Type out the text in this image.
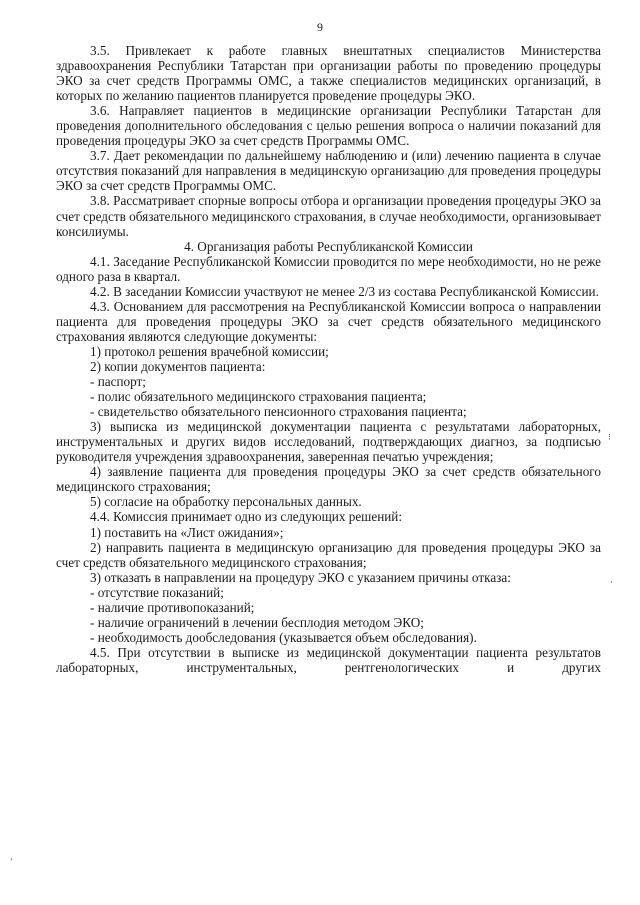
9

3.5. Привлекает к работе главных внештатных специалистов Министерства здравоохранения Республики Татарстан при организации работы по проведению процедуры ЭКО за счет средств Программы ОМС, а также специалистов медицинских организаций, в которых по желанию пациентов планируется проведение процедуры ЭКО.

3.6. Направляет пациентов в медицинские организации Республики Татарстан для проведения дополнительного обследования с целью решения вопроса о наличии показаний для проведения процедуры ЭКО за счет средств Программы ОМС.

3.7. Дает рекомендации по дальнейшему наблюдению и (или) лечению пациента в случае отсутствия показаний для направления в медицинскую организацию для проведения процедуры ЭКО за счет средств Программы ОМС.

3.8. Рассматривает спорные вопросы отбора и организации проведения процедуры ЭКО за счет средств обязательного медицинского страхования, в случае необходимости, организовывает консилиумы.

4. Организация работы Республиканской Комиссии

4.1. Заседание Республиканской Комиссии проводится по мере необходимости, но не реже одного раза в квартал.

4.2. В заседании Комиссии участвуют не менее 2/3 из состава Республиканской Комиссии.

4.3. Основанием для рассмотрения на Республиканской Комиссии вопроса о направлении пациента для проведения процедуры ЭКО за счет средств обязательного медицинского страхования являются следующие документы:

1) протокол решения врачебной комиссии;

2) копии документов пациента:

- паспорт;

- полис обязательного медицинского страхования пациента;

- свидетельство обязательного пенсионного страхования пациента;

3) выписка из медицинской документации пациента с результатами лабораторных, инструментальных и других видов исследований, подтверждающих диагноз, за подписью руководителя учреждения здравоохранения, заверенная печатью учреждения;

4) заявление пациента для проведения процедуры ЭКО за счет средств обязательного медицинского страхования;

5) согласие на обработку персональных данных.

4.4. Комиссия принимает одно из следующих решений:

1) поставить на «Лист ожидания»;

2) направить пациента в медицинскую организацию для проведения процедуры ЭКО за счет средств обязательного медицинского страхования;

3) отказать в направлении на процедуру ЭКО с указанием причины отказа:

- отсутствие показаний;

- наличие противопоказаний;

- наличие ограничений в лечении бесплодия методом ЭКО;

- необходимость дообследования (указывается объем обследования).

4.5. При отсутствии в выписке из медицинской документации пациента результатов лабораторных, инструментальных, рентгенологических и других

⁝
·
ˈ
